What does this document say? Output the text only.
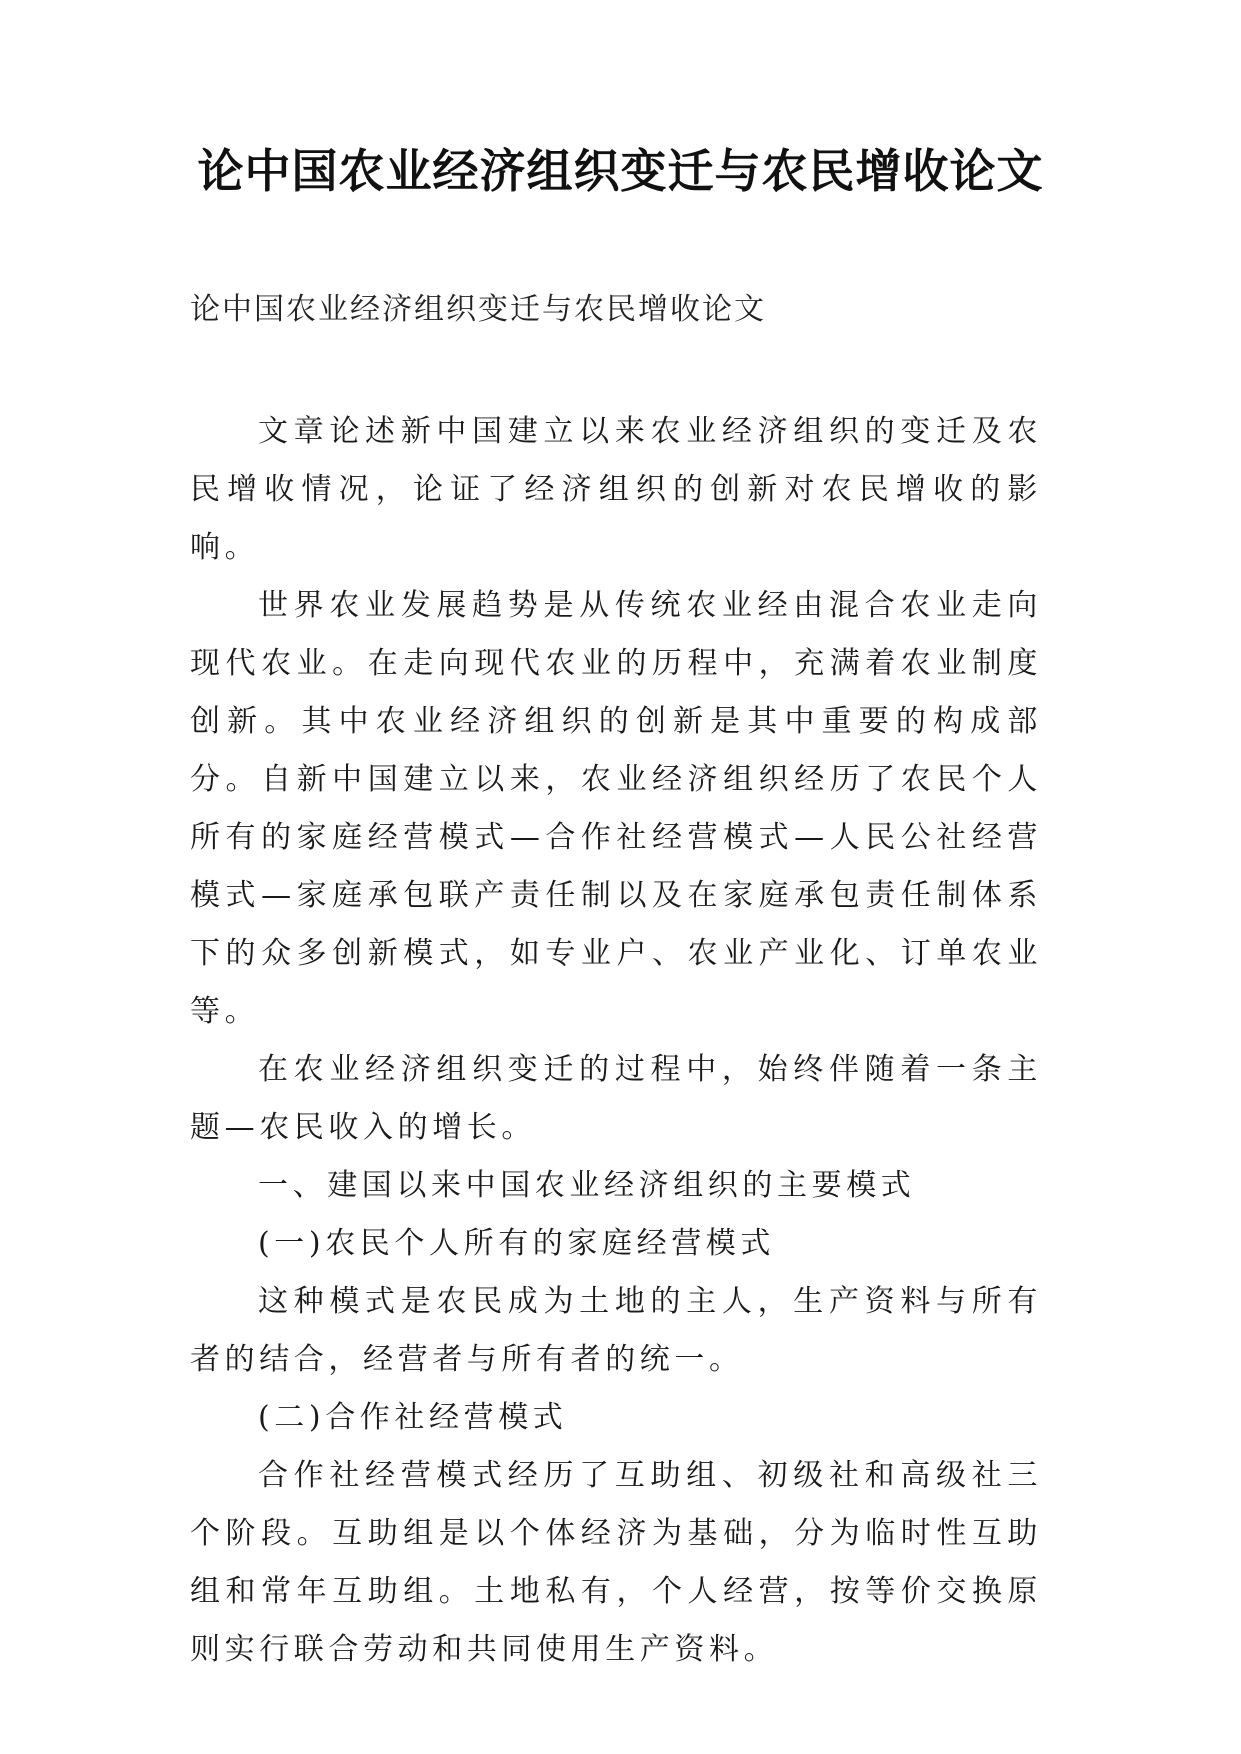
论中国农业经济组织变迁与农民增收论文

论中国农业经济组织变迁与农民增收论文

文章论述新中国建立以来农业经济组织的变迁及农民增收情况，论证了经济组织的创新对农民增收的影响。

世界农业发展趋势是从传统农业经由混合农业走向现代农业。在走向现代农业的历程中，充满着农业制度创新。其中农业经济组织的创新是其中重要的构成部分。自新中国建立以来，农业经济组织经历了农民个人所有的家庭经营模式—合作社经营模式—人民公社经营模式—家庭承包联产责任制以及在家庭承包责任制体系下的众多创新模式，如专业户、农业产业化、订单农业等。

在农业经济组织变迁的过程中，始终伴随着一条主题—农民收入的增长。

一、建国以来中国农业经济组织的主要模式

(一)农民个人所有的家庭经营模式

这种模式是农民成为土地的主人，生产资料与所有者的结合，经营者与所有者的统一。

(二)合作社经营模式

合作社经营模式经历了互助组、初级社和高级社三个阶段。互助组是以个体经济为基础，分为临时性互助组和常年互助组。土地私有，个人经营，按等价交换原则实行联合劳动和共同使用生产资料。
